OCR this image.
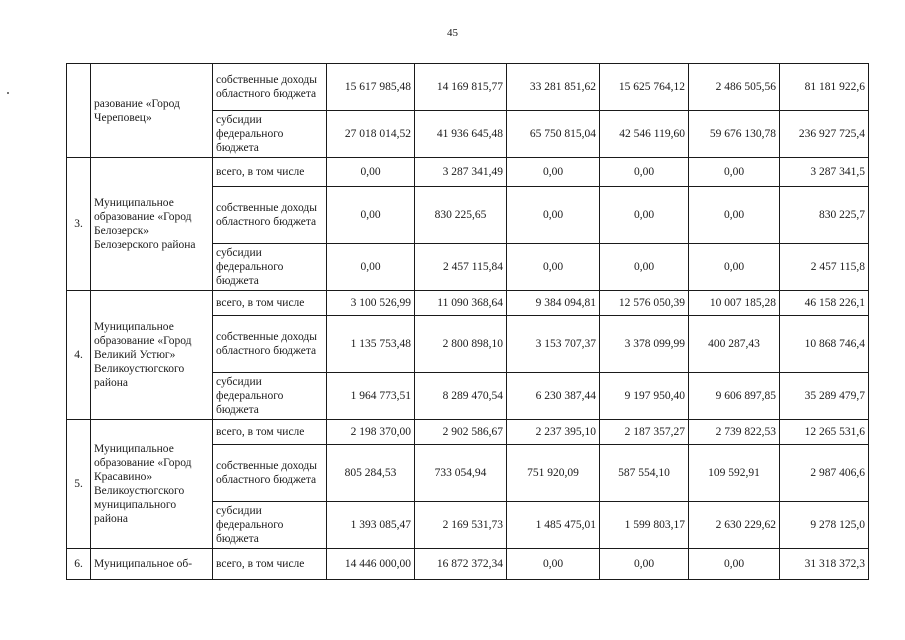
45
	разование «Город Череповец»	собственные доходы областного бюджета	15 617 985,48	14 169 815,77	33 281 851,62	15 625 764,12	2 486 505,56	81 181 922,6
		субсидии федерального бюджета	27 018 014,52	41 936 645,48	65 750 815,04	42 546 119,60	59 676 130,78	236 927 725,4
3.	Муниципальное образование «Город Белозерск» Белозерского района	всего, в том числе	0,00	3 287 341,49	0,00	0,00	0,00	3 287 341,5
		собственные доходы областного бюджета	0,00	830 225,65	0,00	0,00	0,00	830 225,7
		субсидии федерального бюджета	0,00	2 457 115,84	0,00	0,00	0,00	2 457 115,8
4.	Муниципальное образование «Город Великий Устюг» Великоустюгского района	всего, в том числе	3 100 526,99	11 090 368,64	9 384 094,81	12 576 050,39	10 007 185,28	46 158 226,1
		собственные доходы областного бюджета	1 135 753,48	2 800 898,10	3 153 707,37	3 378 099,99	400 287,43	10 868 746,4
		субсидии федерального бюджета	1 964 773,51	8 289 470,54	6 230 387,44	9 197 950,40	9 606 897,85	35 289 479,7
5.	Муниципальное образование «Город Красавино» Великоустюгского муниципального района	всего, в том числе	2 198 370,00	2 902 586,67	2 237 395,10	2 187 357,27	2 739 822,53	12 265 531,6
		собственные доходы областного бюджета	805 284,53	733 054,94	751 920,09	587 554,10	109 592,91	2 987 406,6
		субсидии федерального бюджета	1 393 085,47	2 169 531,73	1 485 475,01	1 599 803,17	2 630 229,62	9 278 125,0
6.	Муниципальное об-	всего, в том числе	14 446 000,00	16 872 372,34	0,00	0,00	0,00	31 318 372,3
